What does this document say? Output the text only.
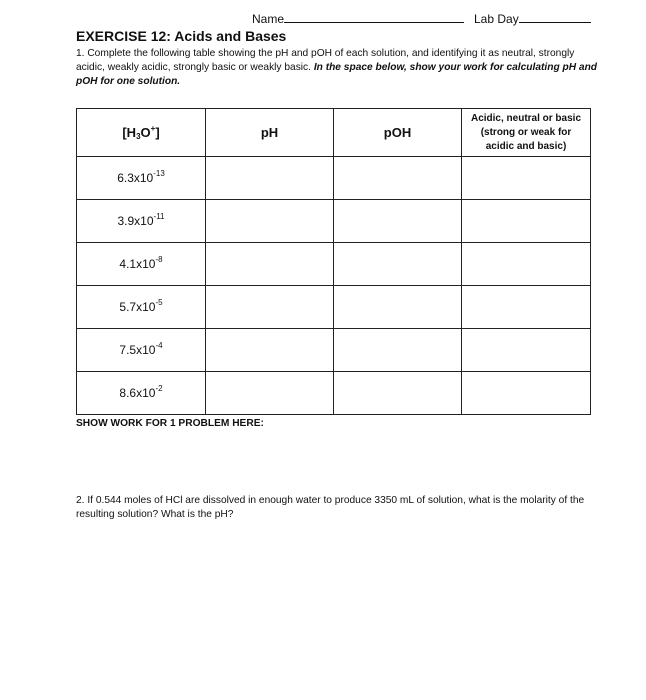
Name	Lab Day
EXERCISE 12: Acids and Bases
1. Complete the following table showing the pH and pOH of each solution, and identifying it as neutral, strongly acidic, weakly acidic, strongly basic or weakly basic. In the space below, show your work for calculating pH and pOH for one solution.
$[H_3O^+]$	pH	pOH	Acidic, neutral or basic (strong or weak for acidic and basic)
$6.3x10^{-13}$			
$3.9x10^{-11}$			
$4.1x10^{-8}$			
$5.7x10^{-5}$			
$7.5x10^{-4}$			
$8.6x10^{-2}$			
SHOW WORK FOR 1 PROBLEM HERE:
2. If 0.544 moles of HCl are dissolved in enough water to produce 3350 mL of solution, what is the molarity of the resulting solution? What is the pH?
